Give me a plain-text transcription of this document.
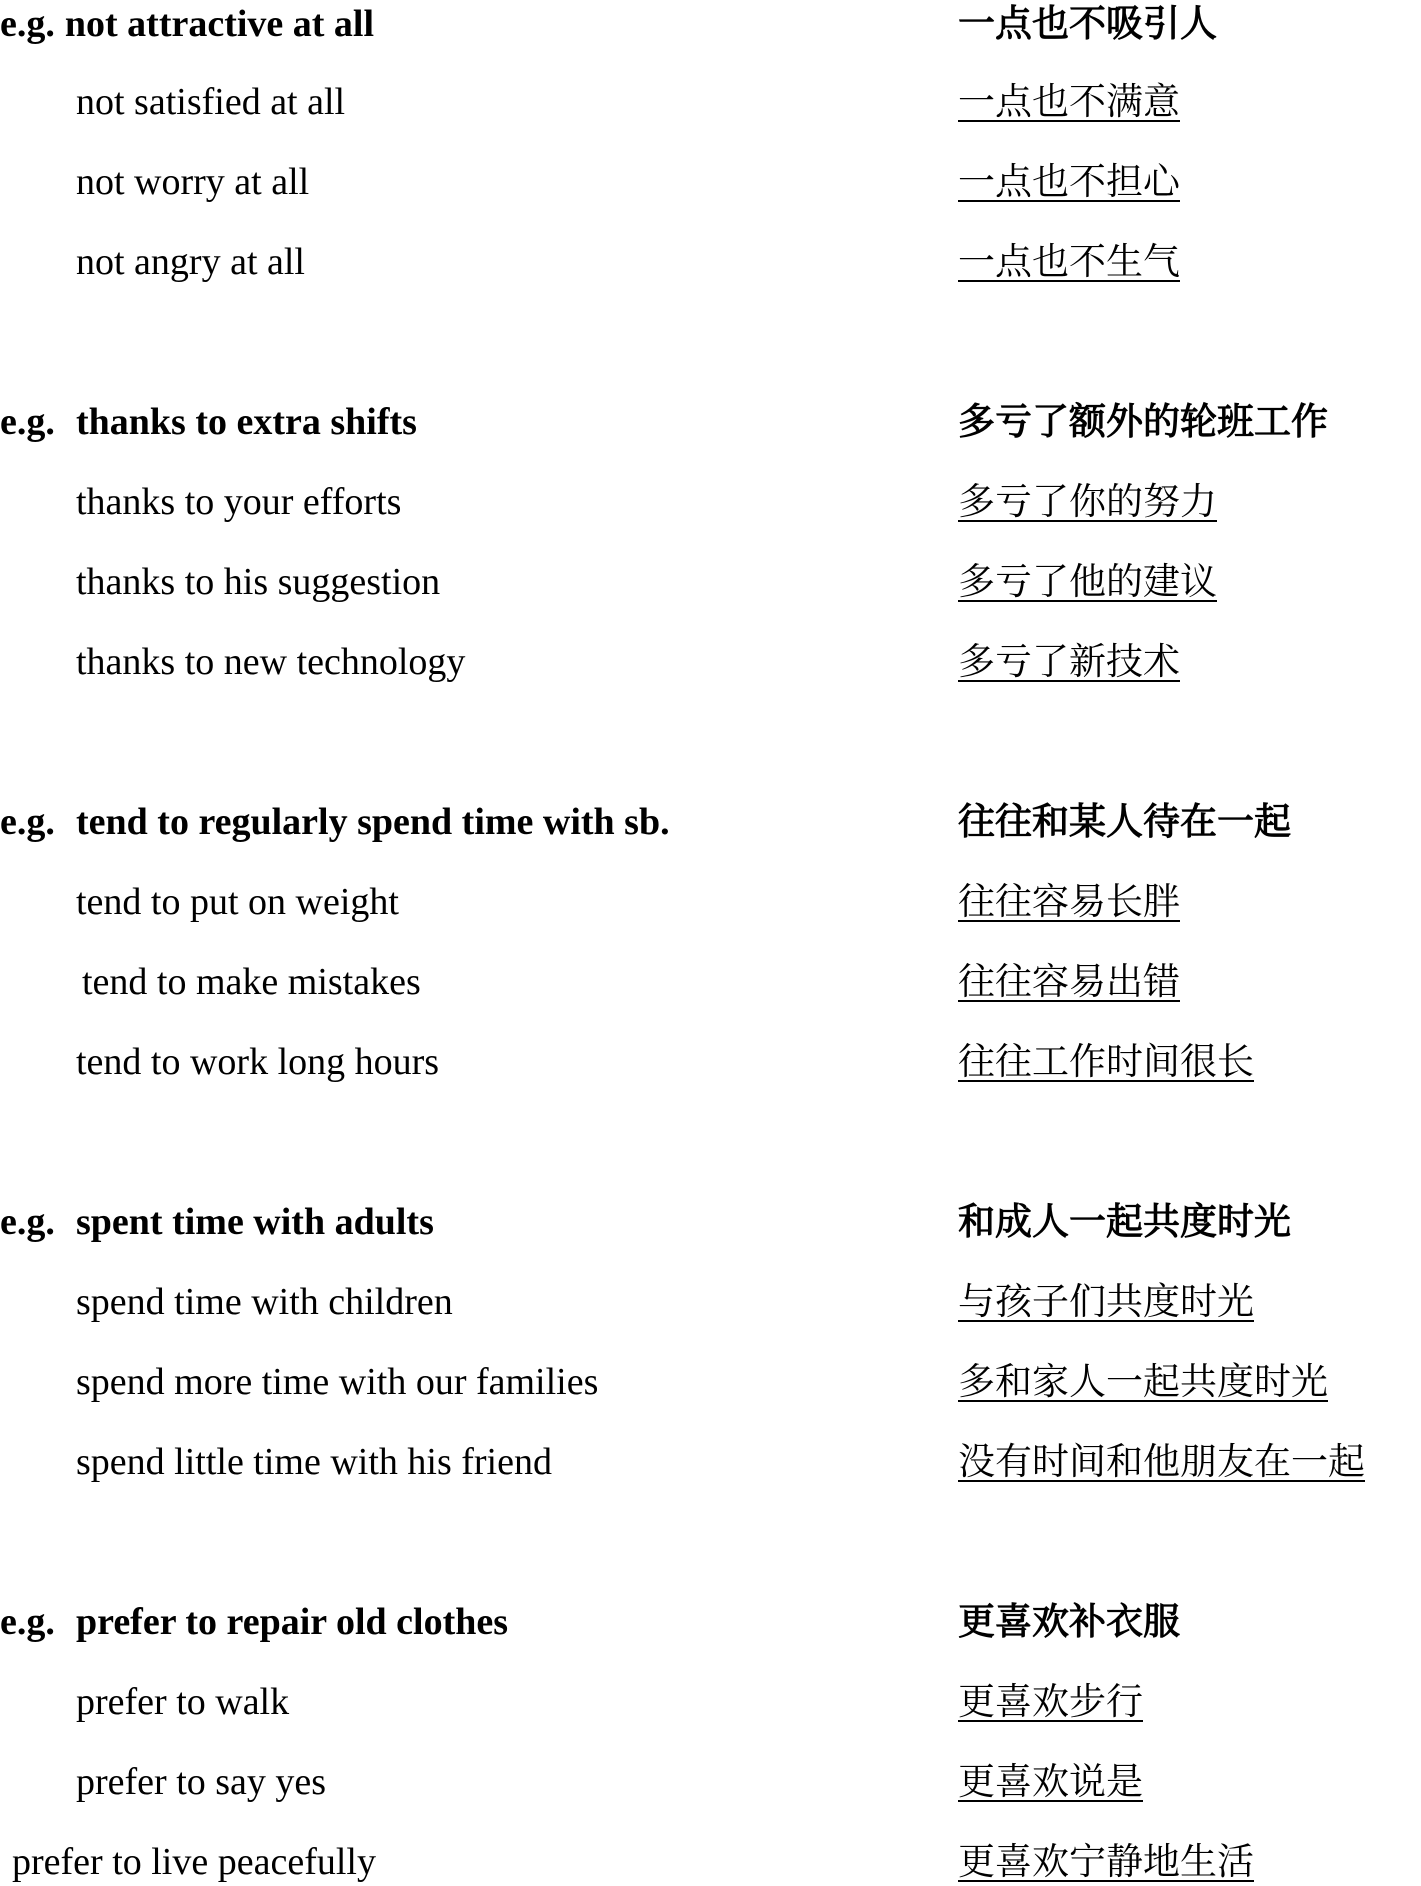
e.g. not attractive at all	一点也不吸引人
not satisfied at all	一点也不满意
not worry at all	一点也不担心
not angry at all	一点也不生气
e.g. thanks to extra shifts	多亏了额外的轮班工作
thanks to your efforts	多亏了你的努力
thanks to his suggestion	多亏了他的建议
thanks to new technology	多亏了新技术
e.g. tend to regularly spend time with sb.	往往和某人待在一起
tend to put on weight	往往容易长胖
tend to make mistakes	往往容易出错
tend to work long hours	往往工作时间很长
e.g. spent time with adults	和成人一起共度时光
spend time with children	与孩子们共度时光
spend more time with our families	多和家人一起共度时光
spend little time with his friend	没有时间和他朋友在一起
e.g. prefer to repair old clothes	更喜欢补衣服
prefer to walk	更喜欢步行
prefer to say yes	更喜欢说是
prefer to live peacefully	更喜欢宁静地生活
